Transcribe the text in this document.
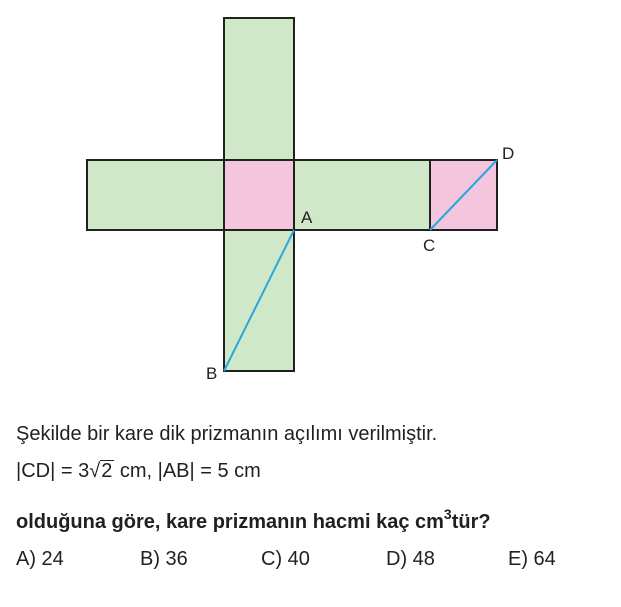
A
B
C
D
Şekilde bir kare dik prizmanın açılımı verilmiştir.
|CD| = 3√2 cm, |AB| = 5 cm
olduğuna göre, kare prizmanın hacmi kaç $cm^3tür$?
A) 24	B) 36	C) 40	D) 48	E) 64
